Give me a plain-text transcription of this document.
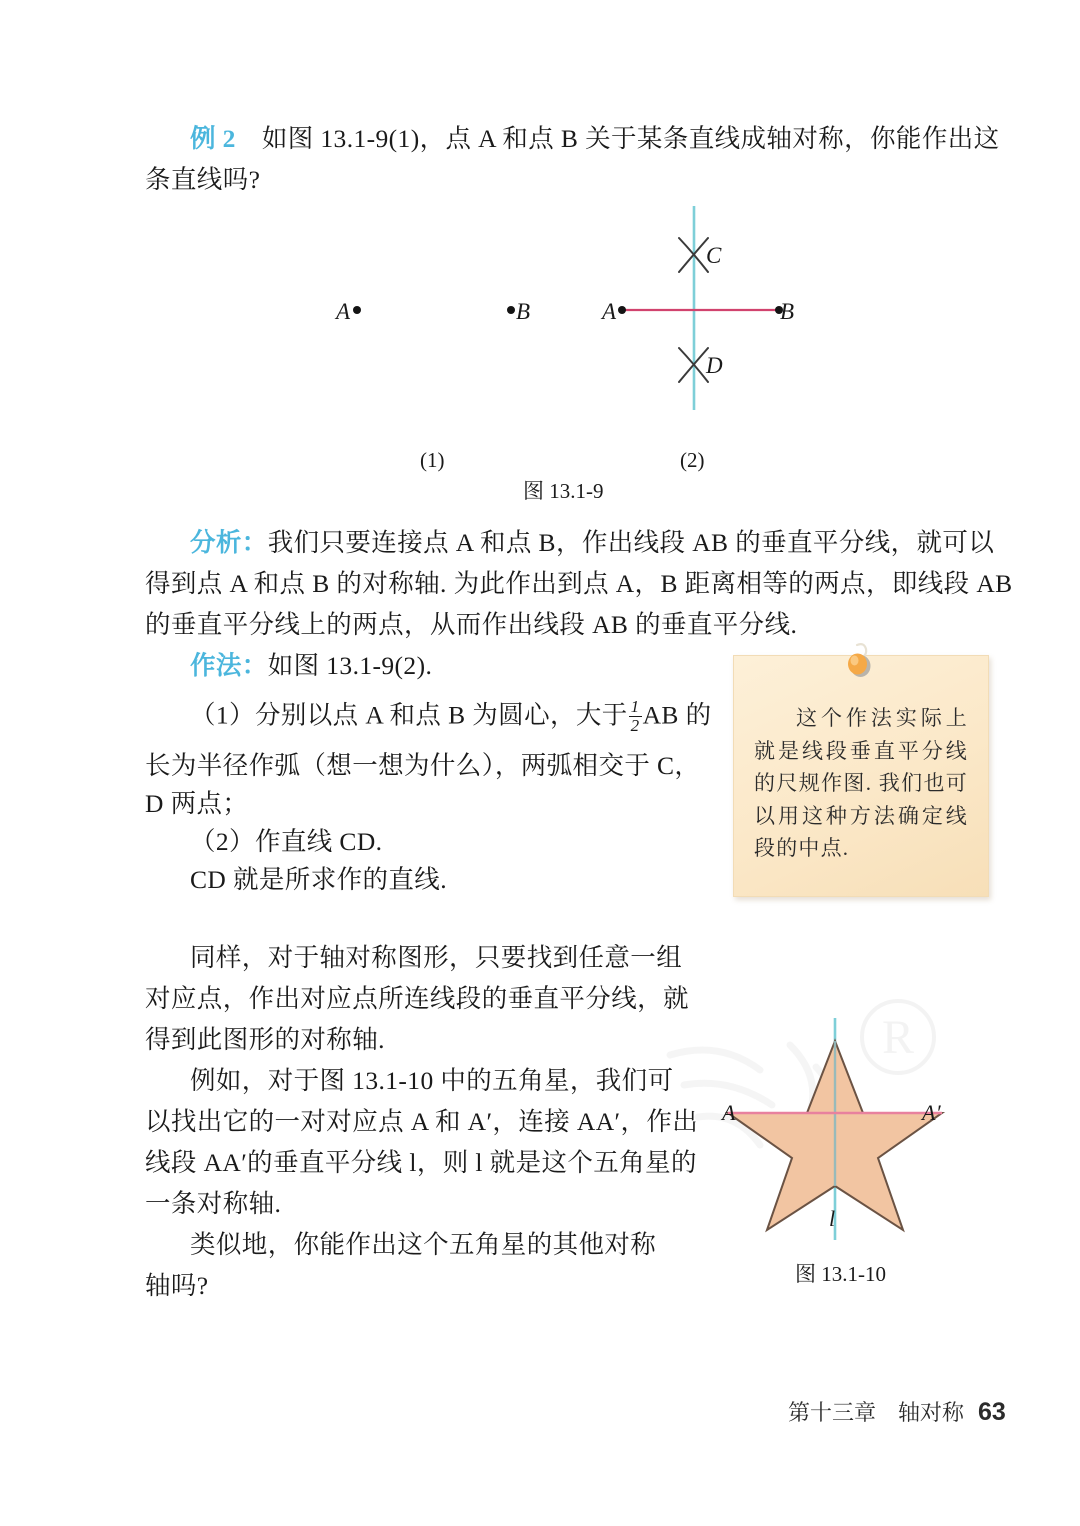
例 2 如图 13.1-9(1)，点 A 和点 B 关于某条直线成轴对称，你能作出这
条直线吗?
A	B	A	B
C
D
(1)	(2)
图 13.1-9
分析：我们只要连接点 A 和点 B，作出线段 AB 的垂直平分线，就可以
得到点 A 和点 B 的对称轴. 为此作出到点 A，B 距离相等的两点，即线段 AB
的垂直平分线上的两点，从而作出线段 AB 的垂直平分线.
作法：如图 13.1-9(2).
（1）分别以点 A 和点 B 为圆心，大于 $\frac{1}{2}$ AB 的
长为半径作弧（想一想为什么），两弧相交于 C，
D 两点；
（2）作直线 CD.
CD 就是所求作的直线.
这个作法实际上就是线段垂直平分线的尺规作图. 我们也可以用这种方法确定线段的中点.
同样，对于轴对称图形，只要找到任意一组
对应点，作出对应点所连线段的垂直平分线，就
得到此图形的对称轴.
例如，对于图 13.1-10 中的五角星，我们可
以找出它的一对对应点 A 和 A′，连接 AA′，作出
线段 AA′的垂直平分线 l，则 l 就是这个五角星的
一条对称轴.
类似地，你能作出这个五角星的其他对称
轴吗?
R
A	A′
l
图 13.1-10
第十三章　轴对称 63
